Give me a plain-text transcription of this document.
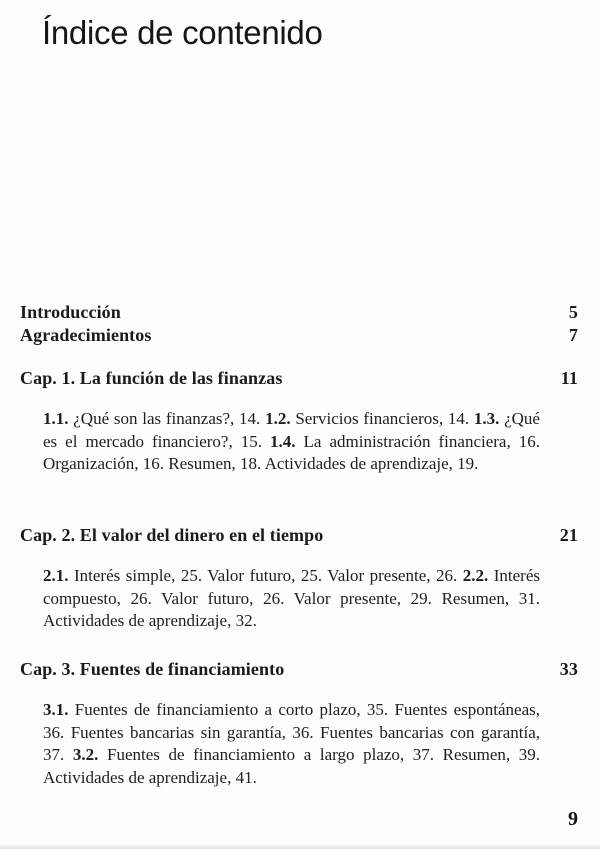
Índice de contenido
Introducción	5
Agradecimientos	7
Cap. 1. La función de las finanzas	11

1.1. ¿Qué son las finanzas?, 14. 1.2. Servicios financieros, 14. 1.3. ¿Qué es el mercado financiero?, 15. 1.4. La administración financiera, 16. Organización, 16. Resumen, 18. Actividades de aprendizaje, 19.

Cap. 2. El valor del dinero en el tiempo	21

2.1. Interés simple, 25. Valor futuro, 25. Valor presente, 26. 2.2. Interés compuesto, 26. Valor futuro, 26. Valor presente, 29. Resumen, 31. Actividades de aprendizaje, 32.

Cap. 3. Fuentes de financiamiento	33

3.1. Fuentes de financiamiento a corto plazo, 35. Fuentes espontáneas, 36. Fuentes bancarias sin garantía, 36. Fuentes bancarias con garantía, 37. 3.2. Fuentes de financiamiento a largo plazo, 37. Resumen, 39. Actividades de aprendizaje, 41.

9
